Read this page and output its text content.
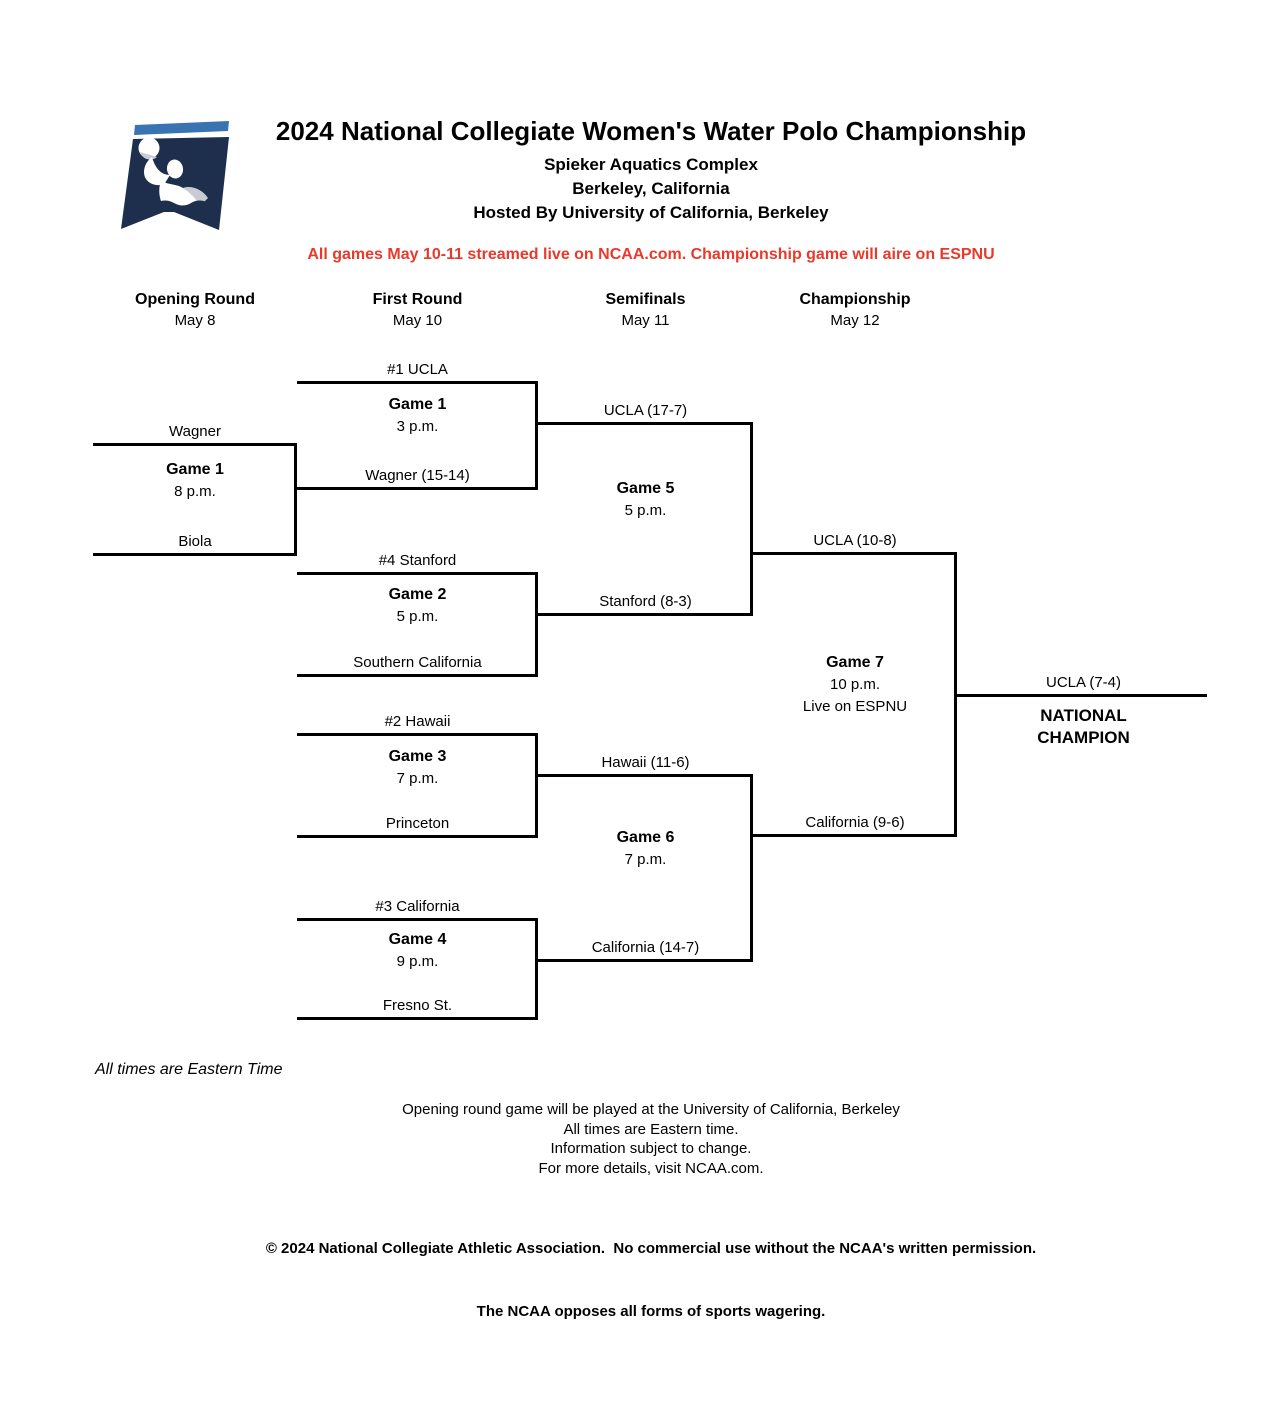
2024 National Collegiate Women's Water Polo Championship
Spieker Aquatics Complex
Berkeley, California
Hosted By University of California, Berkeley
All games May 10-11 streamed live on NCAA.com. Championship game will aire on ESPNU
Opening Round
May 8
First Round
May 10
Semifinals
May 11
Championship
May 12
Wagner
Biola
#1 UCLA
Wagner (15-14)
#4 Stanford
Southern California
#2 Hawaii
Princeton
#3 California
Fresno St.
UCLA (17-7)
Stanford (8-3)
Hawaii (11-6)
California (14-7)
UCLA (10-8)
California (9-6)
UCLA (7-4)
Game 1
8 p.m.
Game 1
3 p.m.
Game 2
5 p.m.
Game 3
7 p.m.
Game 4
9 p.m.
Game 5
5 p.m.
Game 6
7 p.m.
Game 7
10 p.m.
Live on ESPNU	NATIONAL
CHAMPION
All times are Eastern Time
Opening round game will be played at the University of California, Berkeley
All times are Eastern time.
Information subject to change.
For more details, visit NCAA.com.

© 2024 National Collegiate Athletic Association.  No commercial use without the NCAA's written permission.

The NCAA opposes all forms of sports wagering.
